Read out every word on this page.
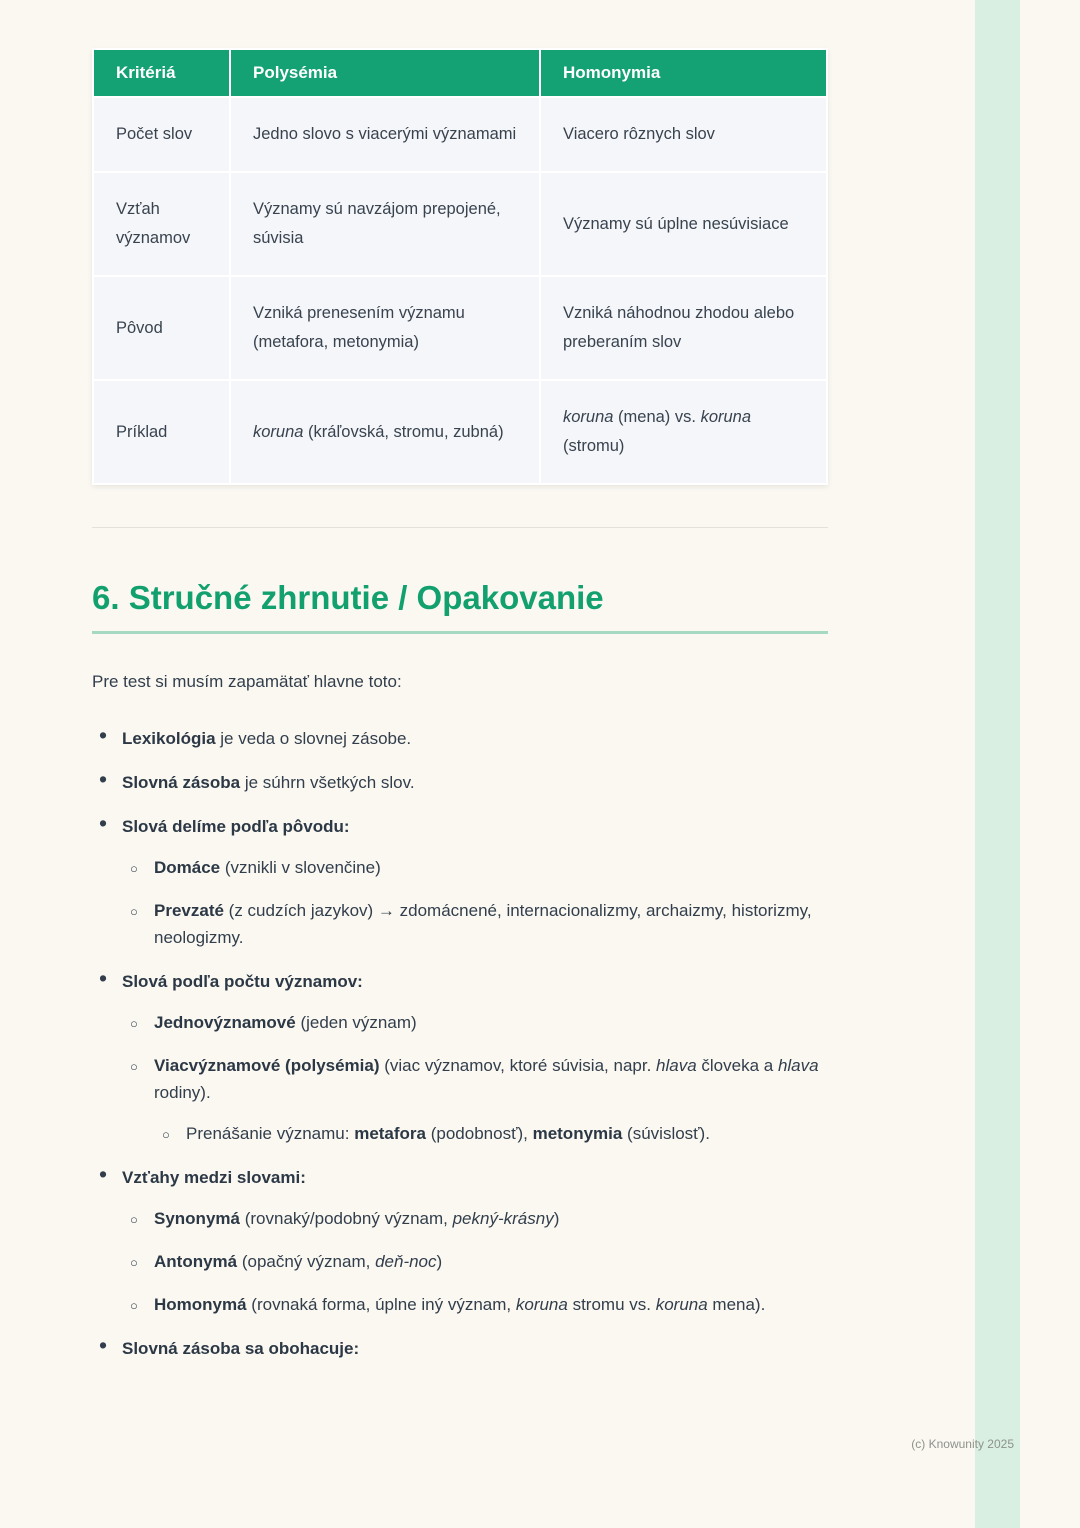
Kritériá	Polysémia	Homonymia
Počet slov	Jedno slovo s viacerými významami	Viacero rôznych slov
Vzťah významov	Významy sú navzájom prepojené, súvisia	Významy sú úplne nesúvisiace
Pôvod	Vzniká prenesením významu (metafora, metonymia)	Vzniká náhodnou zhodou alebo preberaním slov
Príklad	koruna (kráľovská, stromu, zubná)	koruna (mena) vs. koruna (stromu)
6. Stručné zhrnutie / Opakovanie

Pre test si musím zapamätať hlavne toto:

• Lexikológia je veda o slovnej zásobe.
• Slovná zásoba je súhrn všetkých slov.
• Slová delíme podľa pôvodu:
○ Domáce (vznikli v slovenčine)
○ Prevzaté (z cudzích jazykov) → zdomácnené, internacionalizmy, archaizmy, historizmy, neologizmy.
• Slová podľa počtu významov:
○ Jednovýznamové (jeden význam)
○ Viacvýznamové (polysémia) (viac významov, ktoré súvisia, napr. hlava človeka a hlava rodiny).
○ Prenášanie významu: metafora (podobnosť), metonymia (súvislosť).
• Vzťahy medzi slovami:
○ Synonymá (rovnaký/podobný význam, pekný-krásny)
○ Antonymá (opačný význam, deň-noc)
○ Homonymá (rovnaká forma, úplne iný význam, koruna stromu vs. koruna mena).
• Slovná zásoba sa obohacuje:
(c) Knowunity 2025
